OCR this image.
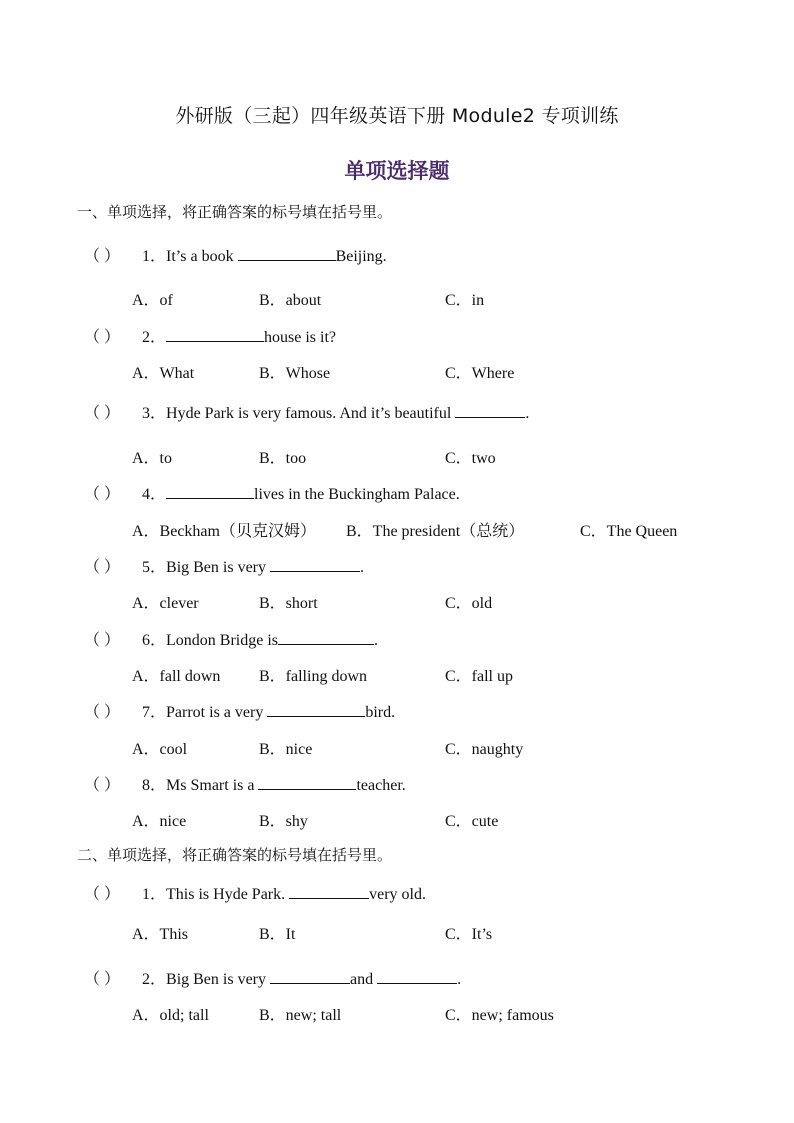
外研版（三起）四年级英语下册 Module2 专项训练
单项选择题
一、单项选择，将正确答案的标号填在括号里。
（ ） 1．It’s a book	Beijing.
A．of	B．about	C．in
（ ） 2．	house is it?
A．What	B．Whose	C．Where
（ ） 3．Hyde Park is very famous. And it’s beautiful	.
A．to	B．too	C．two
（ ） 4．	lives in the Buckingham Palace.
A．Beckham（贝克汉姆） B．The president（总统）	C．The Queen
（ ） 5．Big Ben is very	.
A．clever	B．short	C．old
（ ） 6．London Bridge is	.
A．fall down B．falling down	C．fall up
（ ） 7．Parrot is a very	bird.
A．cool	B．nice	C．naughty
（ ） 8．Ms Smart is a	teacher.
A．nice	B．shy	C．cute
二、单项选择，将正确答案的标号填在括号里。
（ ） 1．This is Hyde Park.	very old.
A．This	B．It	C．It’s
（ ） 2．Big Ben is very	and	.
A．old; tall	B．new; tall	C．new; famous
